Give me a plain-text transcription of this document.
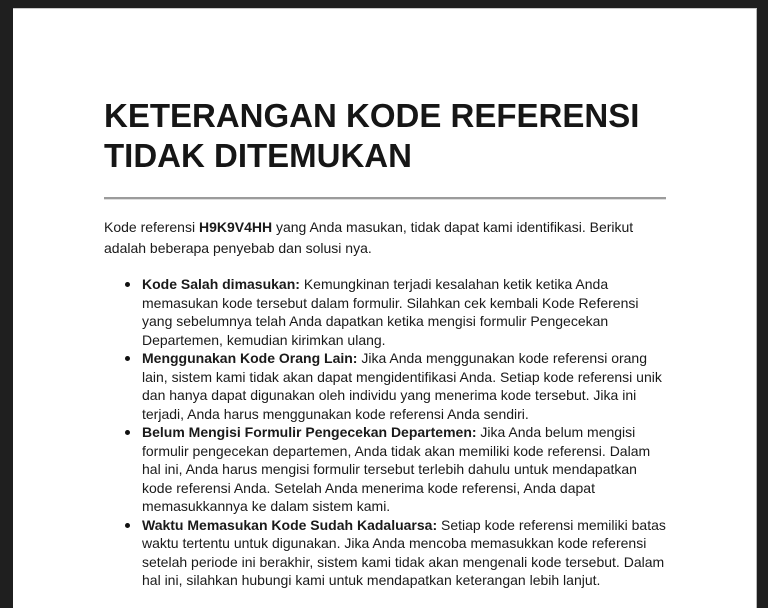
KETERANGAN KODE REFERENSI TIDAK DITEMUKAN

Kode referensi H9K9V4HH yang Anda masukan, tidak dapat kami identifikasi. Berikut adalah beberapa penyebab dan solusi nya.

Kode Salah dimasukan: Kemungkinan terjadi kesalahan ketik ketika Anda memasukan kode tersebut dalam formulir. Silahkan cek kembali Kode Referensi yang sebelumnya telah Anda dapatkan ketika mengisi formulir Pengecekan Departemen, kemudian kirimkan ulang.
Menggunakan Kode Orang Lain: Jika Anda menggunakan kode referensi orang lain, sistem kami tidak akan dapat mengidentifikasi Anda. Setiap kode referensi unik dan hanya dapat digunakan oleh individu yang menerima kode tersebut. Jika ini terjadi, Anda harus menggunakan kode referensi Anda sendiri.
Belum Mengisi Formulir Pengecekan Departemen: Jika Anda belum mengisi formulir pengecekan departemen, Anda tidak akan memiliki kode referensi. Dalam hal ini, Anda harus mengisi formulir tersebut terlebih dahulu untuk mendapatkan kode referensi Anda. Setelah Anda menerima kode referensi, Anda dapat memasukkannya ke dalam sistem kami.
Waktu Memasukan Kode Sudah Kadaluarsa: Setiap kode referensi memiliki batas waktu tertentu untuk digunakan. Jika Anda mencoba memasukkan kode referensi setelah periode ini berakhir, sistem kami tidak akan mengenali kode tersebut. Dalam hal ini, silahkan hubungi kami untuk mendapatkan keterangan lebih lanjut.
